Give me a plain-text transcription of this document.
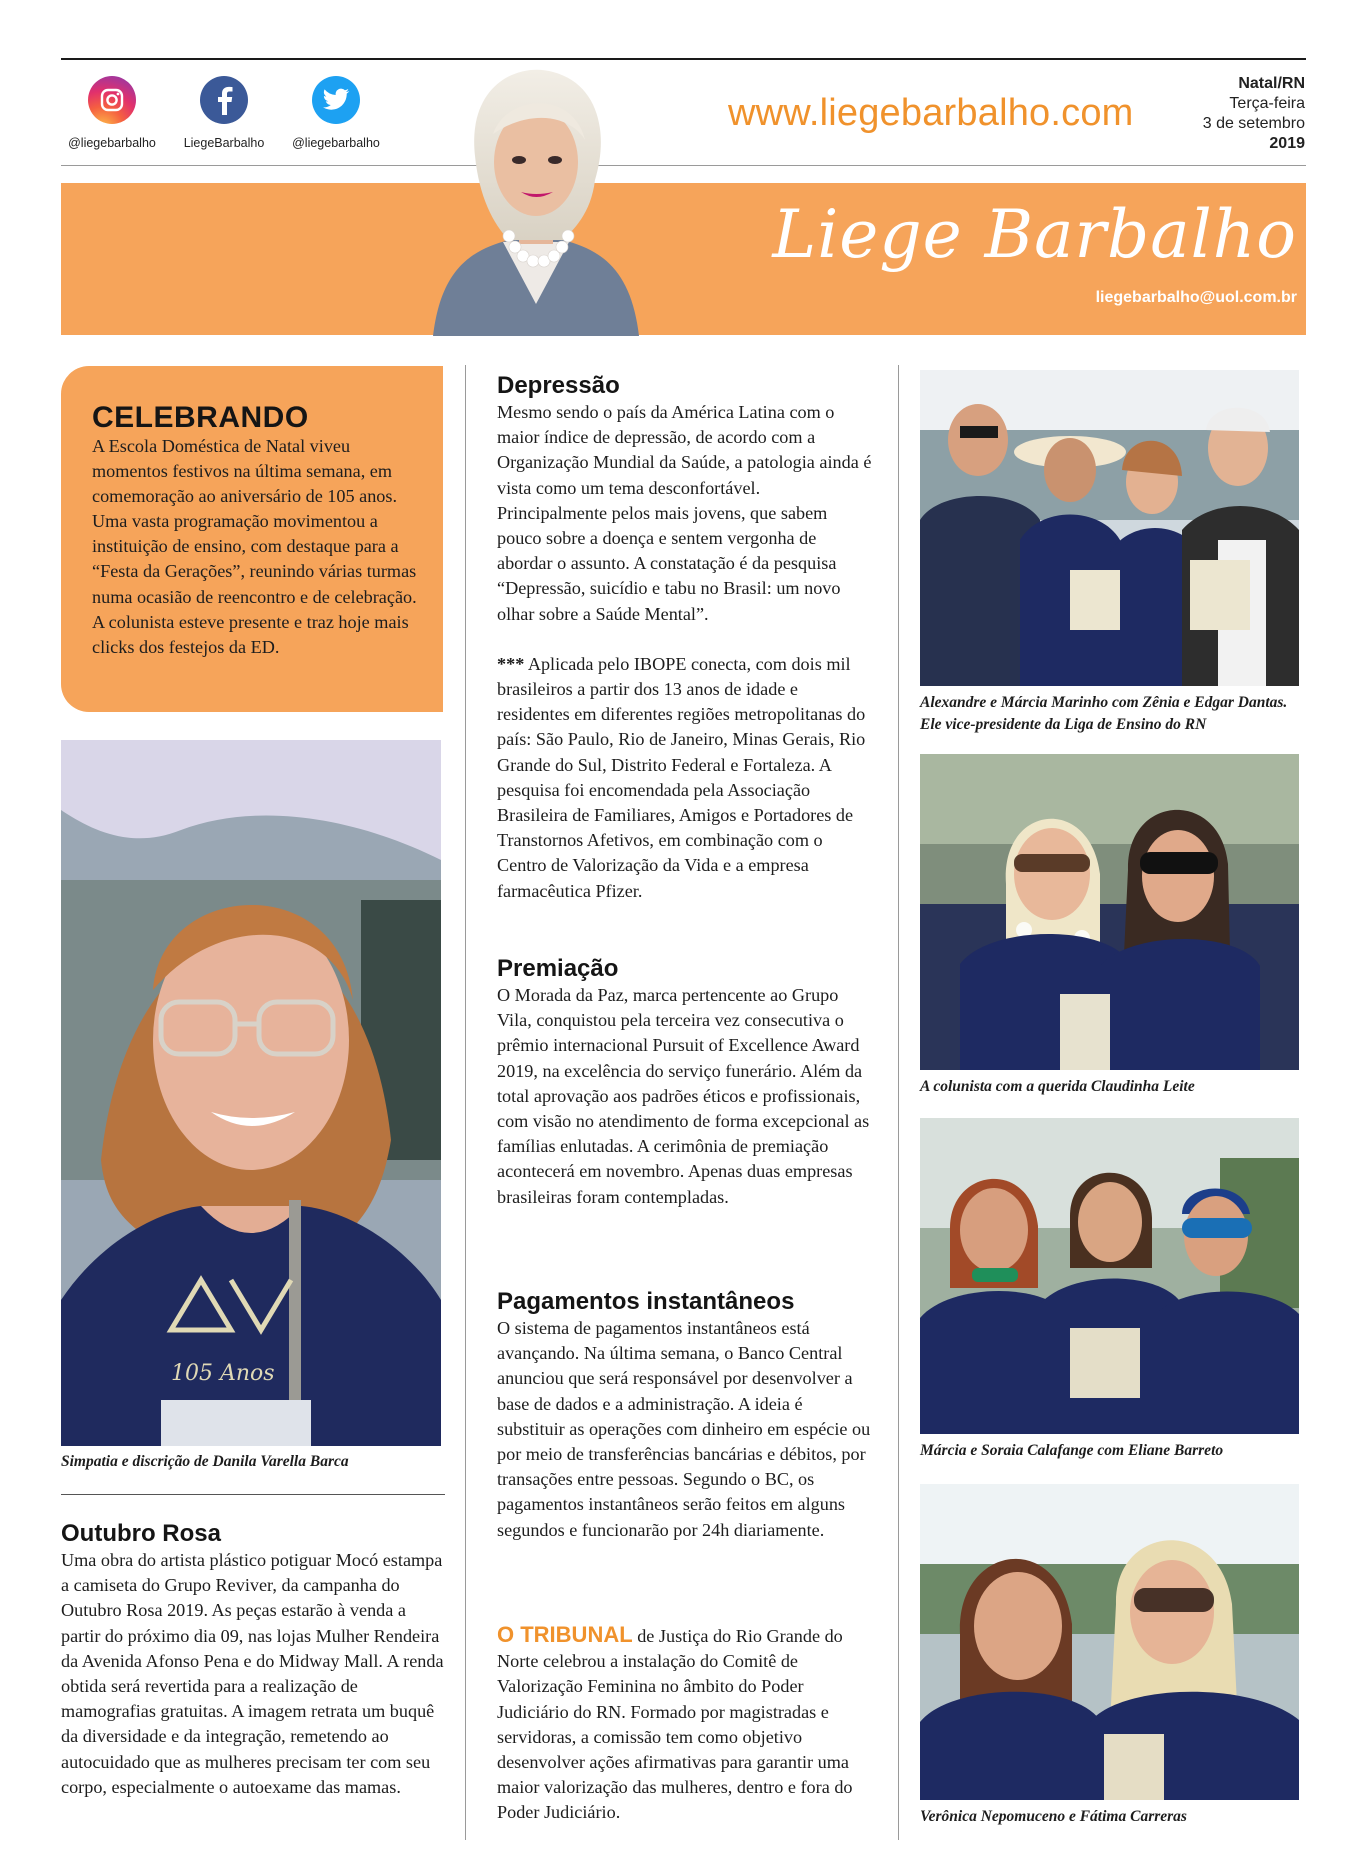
@liegebarbalho	LiegeBarbalho	@liegebarbalho
www.liegebarbalho.com
Natal/RN
Terça-feira
3 de setembro
2019
Liege Barbalho
liegebarbalho@uol.com.br
CELEBRANDO

A Escola Doméstica de Natal viveu momentos festivos na última semana, em comemoração ao aniversário de 105 anos. Uma vasta programação movimentou a instituição de ensino, com destaque para a “Festa da Gerações”, reunindo várias turmas numa ocasião de reencontro e de celebração. A colunista esteve presente e traz hoje mais clicks dos festejos da ED.

105 Anos
Simpatia e discrição de Danila Varella Barca
Outubro Rosa

Uma obra do artista plástico potiguar Mocó estampa a camiseta do Grupo Reviver, da campanha do Outubro Rosa 2019. As peças estarão à venda a partir do próximo dia 09, nas lojas Mulher Rendeira da Avenida Afonso Pena e do Midway Mall. A renda obtida será revertida para a realização de mamografias gratuitas. A imagem retrata um buquê da diversidade e da integração, remetendo ao autocuidado que as mulheres precisam ter com seu corpo, especialmente o autoexame das mamas.

Depressão

Mesmo sendo o país da América Latina com o maior índice de depressão, de acordo com a Organização Mundial da Saúde, a patologia ainda é vista como um tema desconfortável. Principalmente pelos mais jovens, que sabem pouco sobre a doença e sentem vergonha de abordar o assunto. A constatação é da pesquisa “Depressão, suicídio e tabu no Brasil: um novo olhar sobre a Saúde Mental”.

*** Aplicada pelo IBOPE conecta, com dois mil brasileiros a partir dos 13 anos de idade e residentes em diferentes regiões metropolitanas do país: São Paulo, Rio de Janeiro, Minas Gerais, Rio Grande do Sul, Distrito Federal e Fortaleza. A pesquisa foi encomendada pela Associação Brasileira de Familiares, Amigos e Portadores de Transtornos Afetivos, em combinação com o Centro de Valorização da Vida e a empresa farmacêutica Pfizer.

Premiação

O Morada da Paz, marca pertencente ao Grupo Vila, conquistou pela terceira vez consecutiva o prêmio internacional Pursuit of Excellence Award 2019, na excelência do serviço funerário. Além da total aprovação aos padrões éticos e profissionais, com visão no atendimento de forma excepcional as famílias enlutadas. A cerimônia de premiação acontecerá em novembro. Apenas duas empresas brasileiras foram contempladas.

Pagamentos instantâneos

O sistema de pagamentos instantâneos está avançando. Na última semana, o Banco Central anunciou que será responsável por desenvolver a base de dados e a administração. A ideia é substituir as operações com dinheiro em espécie ou por meio de transferências bancárias e débitos, por transações entre pessoas. Segundo o BC, os pagamentos instantâneos serão feitos em alguns segundos e funcionarão por 24h diariamente.

O TRIBUNAL de Justiça do Rio Grande do Norte celebrou a instalação do Comitê de Valorização Feminina no âmbito do Poder Judiciário do RN. Formado por magistradas e servidoras, a comissão tem como objetivo desenvolver ações afirmativas para garantir uma maior valorização das mulheres, dentro e fora do Poder Judiciário.

Alexandre e Márcia Marinho com Zênia e Edgar Dantas. Ele vice-presidente da Liga de Ensino do RN
A colunista com a querida Claudinha Leite
Márcia e Soraia Calafange com Eliane Barreto
Verônica Nepomuceno e Fátima Carreras
